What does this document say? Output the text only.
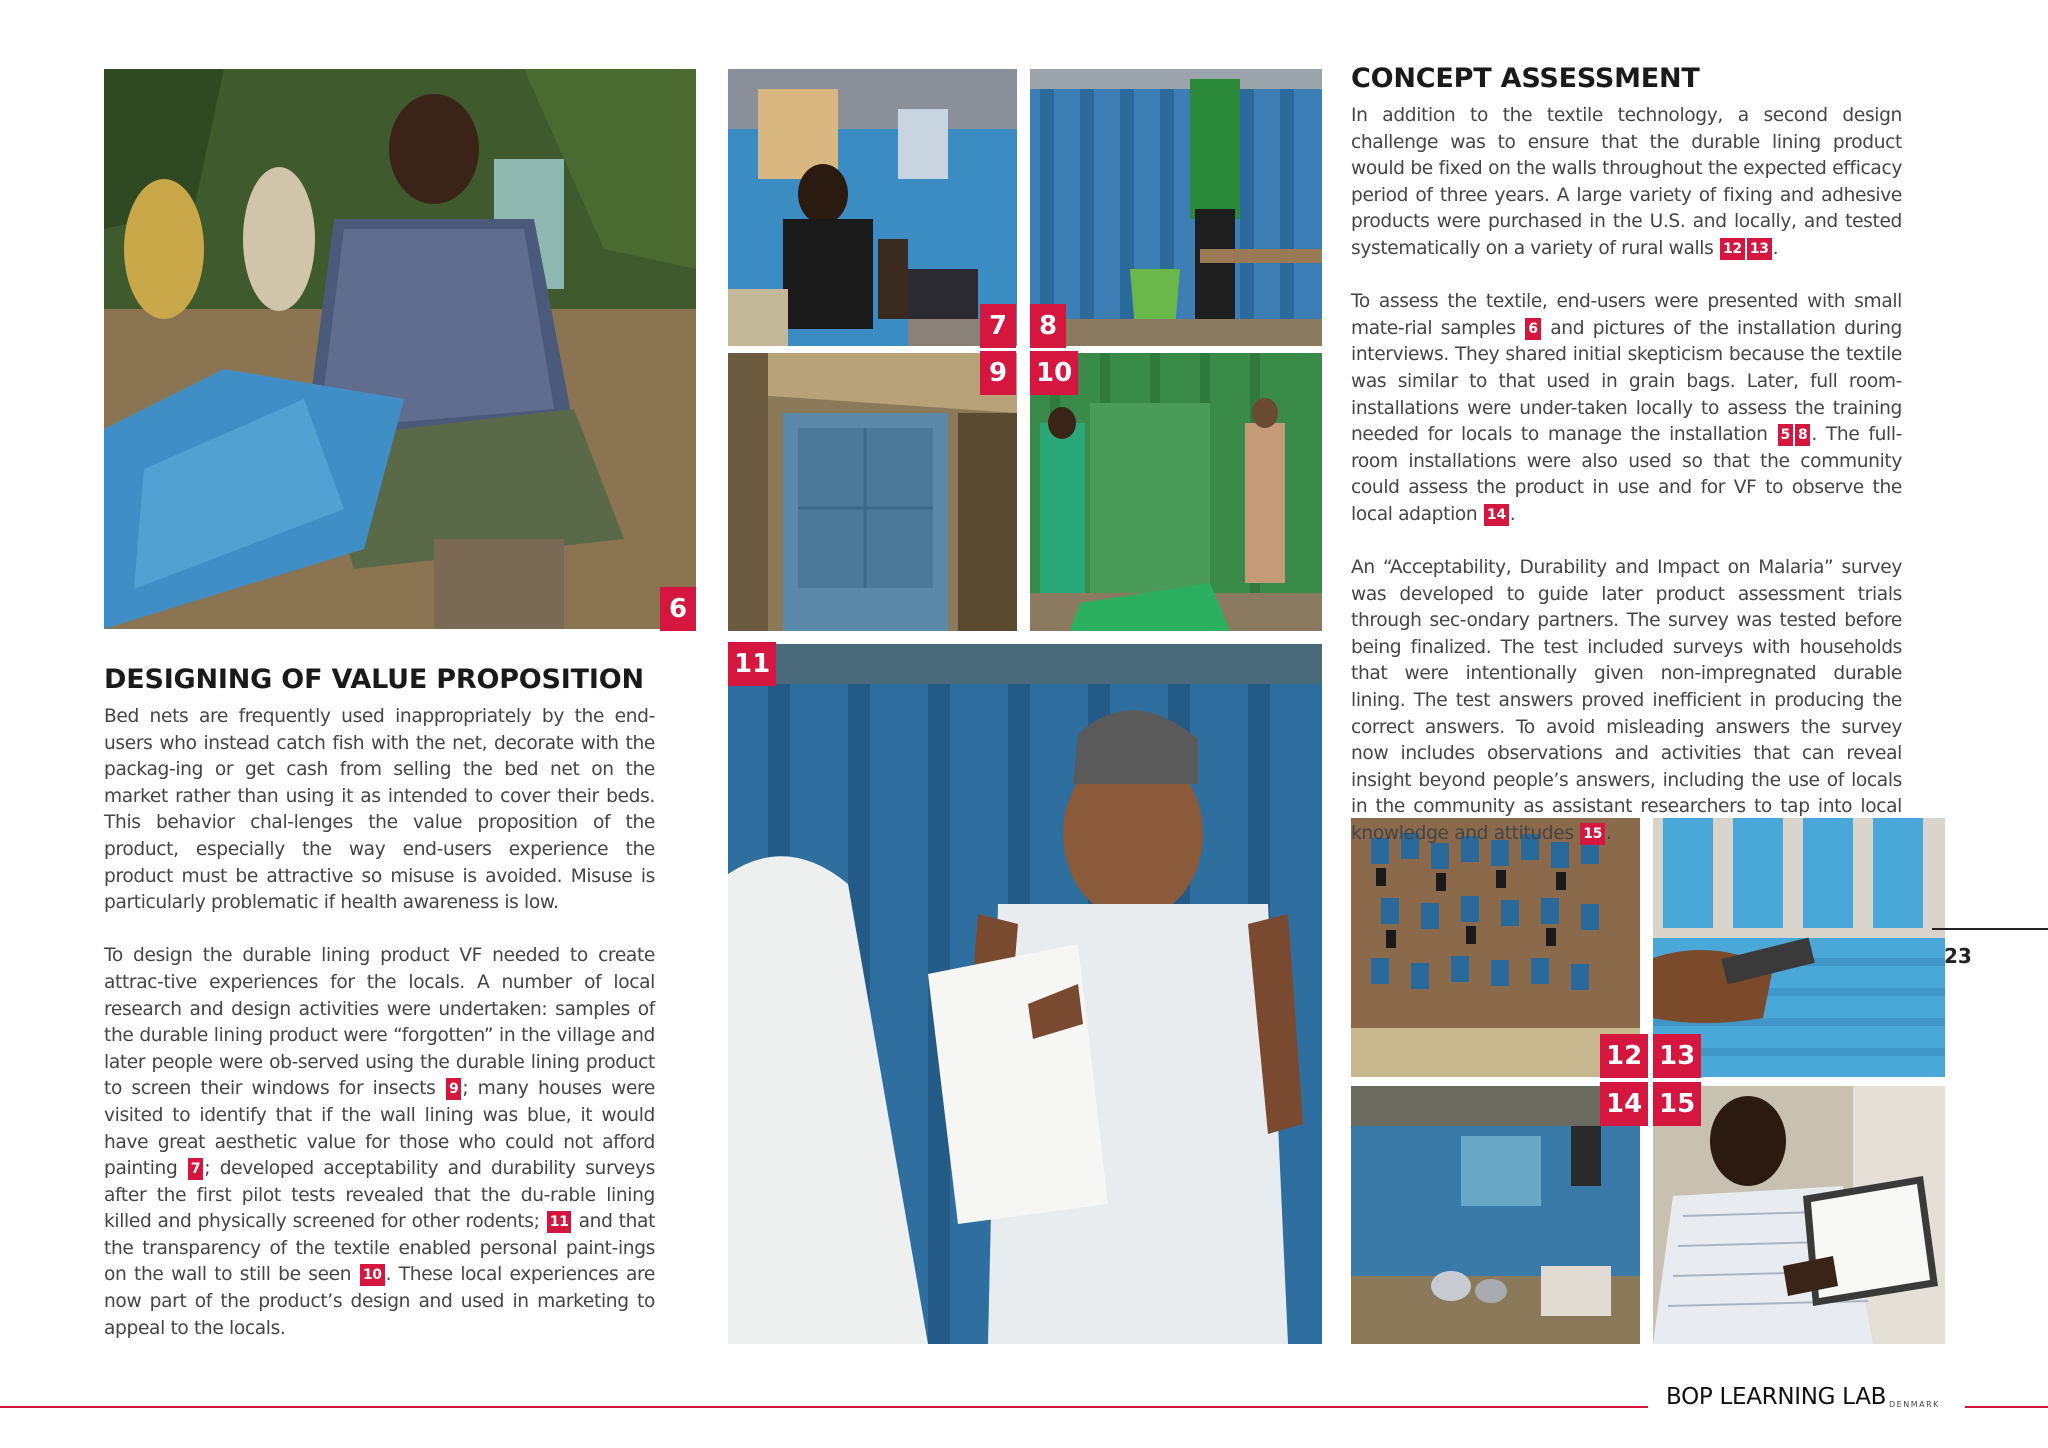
6
7	8
9	10
11
12 13
14 15
DESIGNING OF VALUE PROPOSITION

Bed nets are frequently used inappropriately by the end-users who instead catch fish with the net, decorate with the packag-ing or get cash from selling the bed net on the market rather than using it as intended to cover their beds. This behavior chal-lenges the value proposition of the product, especially the way end-users experience the product must be attractive so misuse is avoided. Misuse is particularly problematic if health awareness is low.

To design the durable lining product VF needed to create attrac-tive experiences for the locals. A number of local research and design activities were undertaken: samples of the durable lining product were “forgotten” in the village and later people were ob-served using the durable lining product to screen their windows for insects 9 ; many houses were visited to identify that if the wall lining was blue, it would have great aesthetic value for those who could not afford painting 7 ; developed acceptability and durability surveys after the first pilot tests revealed that the du-rable lining killed and physically screened for other rodents; 11 and that the transparency of the textile enabled personal paint-ings on the wall to still be seen 10 . These local experiences are now part of the product’s design and used in marketing to appeal to the locals.

CONCEPT ASSESSMENT

In addition to the textile technology, a second design challenge was to ensure that the durable lining product would be fixed on the walls throughout the expected efficacy period of three years. A large variety of fixing and adhesive products were purchased in the U.S. and locally, and tested systematically on a variety of rural walls 12 13 .

To assess the textile, end-users were presented with small mate-rial samples 6 and pictures of the installation during interviews. They shared initial skepticism because the textile was similar to that used in grain bags. Later, full room-installations were under-taken locally to assess the training needed for locals to manage the installation 5 8 . The full-room installations were also used so that the community could assess the product in use and for VF to observe the local adaption 14 .

An “Acceptability, Durability and Impact on Malaria” survey was developed to guide later product assessment trials through sec-ondary partners. The survey was tested before being finalized. The test included surveys with households that were intentionally given non-impregnated durable lining. The test answers proved inefficient in producing the correct answers. To avoid misleading answers the survey now includes observations and activities that can reveal insight beyond people’s answers, including the use of locals in the community as assistant researchers to tap into local knowledge and attitudes 15 .

23
BOP LEARNING LAB DENMARK
